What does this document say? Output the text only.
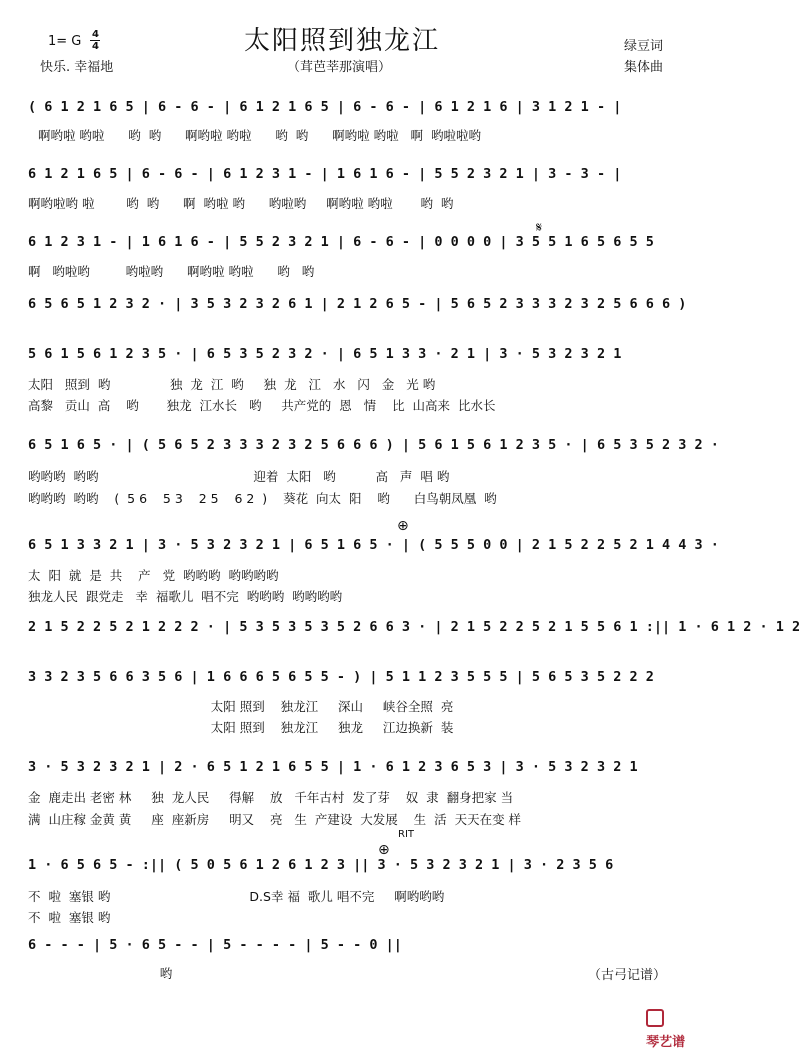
太阳照到独龙江
1= G 4
4
快乐. 幸福地	（茸芭莘那演唱）
绿豆词
集体曲
( 6 1 2 1 6 5 | 6 - 6 - | 6 1 2 1 6 5 | 6 - 6 - | 6 1 2 1 6 | 3 1 2 1 - |
啊哟啦 哟啦      哟  哟      啊哟啦 哟啦      哟  哟      啊哟啦 哟啦   啊  哟啦啦哟
6 1 2 1 6 5 | 6 - 6 - | 6 1 2 3 1 - | 1 6 1 6 - | 5 5 2 3 2 1 | 3 - 3 - |
啊哟啦哟 啦        哟  哟      啊  哟啦 哟      哟啦哟     啊哟啦 哟啦       哟  哟
6 1 2 3 1 - | 1 6 1 6 - | 5 5 2 3 2 1 | 6 - 6 - | 0 0 0 0 | 3 5 5 1 6 5 6 5 5
啊   哟啦哟         哟啦哟      啊哟啦 哟啦      哟   哟
𝄋
6 5 6 5 1 2 3 2 · | 3 5 3 2 3 2 6 1 | 2 1 2 6 5 - | 5 6 5 2 3 3 3 2 3 2 5 6 6 6 )
5 6 1 5 6 1 2 3 5 · | 6 5 3 5 2 3 2 · | 6 5 1 3 3 · 2 1 | 3 · 5 3 2 3 2 1
太阳   照到  哟               独  龙  江  哟     独  龙   江   水   闪   金   光 哟
高黎   贡山  高    哟       独龙  江水长   哟     共产党的  恩   情    比  山高来  比水长
6 5 1 6 5 · | ( 5 6 5 2 3 3 3 2 3 2 5 6 6 6 ) | 5 6 1 5 6 1 2 3 5 · | 6 5 3 5 2 3 2 ·
哟哟哟  哟哟                                       迎着  太阳   哟          高   声  唱 哟
哟哟哟  哟哟    (  5 6    5 3    2 5    6 2  )    葵花  向太  阳    哟      白鸟朝凤凰  哟
6 5 1 3 3 2 1 | 3 · 5 3 2 3 2 1 | 6 5 1 6 5 · | ( 5 5 5 0 0 | 2 1 5 2 2 5 2 1 4 4 3 ·
太  阳  就  是  共    产   党  哟哟哟  哟哟哟哟
独龙人民  跟党走   幸  福歌儿  唱不完  哟哟哟  哟哟哟哟
⊕
2 1 5 2 2 5 2 1 2 2 2 · | 5 3 5 3 5 3 5 2 6 6 3 · | 2 1 5 2 2 5 2 1 5 5 6 1 :|| 1 · 6 1 2 · 1 2
3 3 2 3 5 6 6 3 5 6 | 1 6 6 6 5 6 5 5 - ) | 5 1 1 2 3 5 5 5 | 5 6 5 3 5 2 2 2
太阳 照到    独龙江     深山     峡谷全照  亮
太阳 照到    独龙江     独龙     江边换新  装
3 · 5 3 2 3 2 1 | 2 · 6 5 1 2 1 6 5 5 | 1 · 6 1 2 3 6 5 3 | 3 · 5 3 2 3 2 1
金  鹿走出 老密 林     独  龙人民     得解    放   千年古村  发了芽    奴  隶  翻身把家 当
满  山庄稼 金黄 黄     座  座新房     明又    亮   生  产建设  大发展    生  活  天天在变 样
1 · 6 5 6 5 - :|| ( 5 0 5 6 1 2 6 1 2 3 || 3 · 5 3 2 3 2 1 | 3 · 2 3 5 6
不  啦  塞银 哟                                   D.S幸 福  歌儿 唱不完     啊哟哟哟
不  啦  塞银 哟
RIT
⊕
6 - - - | 5 · 6 5 - - | 5 - - - - | 5 - - 0 ||
哟	（古弓记谱）

琴艺谱
